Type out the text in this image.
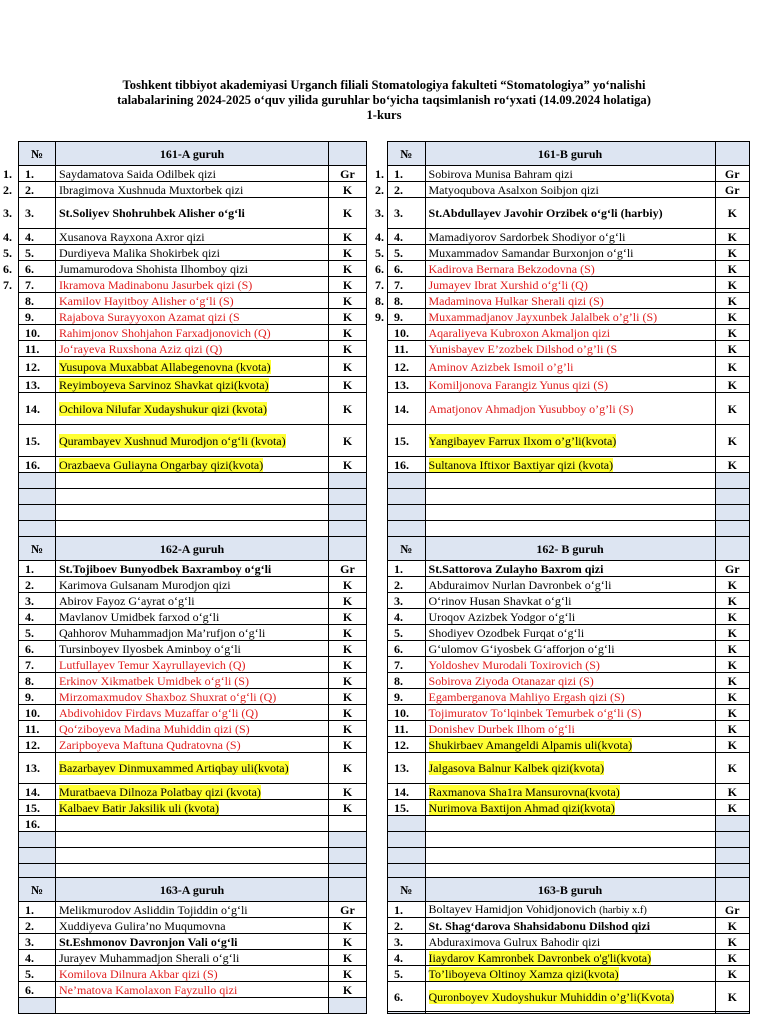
Toshkent tibbiyot akademiyasi Urganch filiali Stomatologiya fakulteti “Stomatologiya” yoʻnalishi
talabalarining 2024-2025 oʻquv yilida guruhlar boʻyicha taqsimlanish roʻyxati (14.09.2024 holatiga)
1-kurs
1.
2.
3.
4.
5.
6.
7.
1.
2.
3.
4.
5.
6.
7.
8.
9.
№	161-A guruh	
1.	Saydamatova Saida Odilbek qizi	Gr
2.	Ibragimova Xushnuda Muxtorbek qizi	K
3.	St.Soliyev Shohruhbek Alisher o‘g‘li	K
4.	Xusanova Rayxona Axror qizi	K
5.	Durdiyeva Malika Shokirbek qizi	K
6.	Jumamurodova Shohista Ilhomboy qizi	K
7.	Ikramova Madinabonu Jasurbek qizi (S)	K
8.	Kamilov Hayitboy Alisher o‘g‘li (S)	K
9.	Rajabova Surayyoxon Azamat qizi (S	K
10.	Rahimjonov Shohjahon Farxadjonovich (Q)	K
11.	Jo‘rayeva Ruxshona Aziz qizi (Q)	K
12.	Yusupova Muxabbat Allabegenovna (kvota)	K
13.	Reyimboyeva Sarvinoz Shavkat qizi(kvota)	K
14.	Ochilova Nilufar Xudayshukur qizi (kvota)	K
15.	Qurambayev Xushnud Murodjon o‘g‘li (kvota)	K
16.	Orazbaeva Guliayna Ongarbay qizi(kvota)	K

№	162-A guruh	
1.	St.Tojiboev Bunyodbek Baxramboy o‘g‘li	Gr
2.	Karimova Gulsanam Murodjon qizi	K
3.	Abirov Fayoz G‘ayrat o‘g‘li	K
4.	Mavlanov Umidbek farxod o‘g‘li	K
5.	Qahhorov Muhammadjon Ma’rufjon o‘g‘li	K
6.	Tursinboyev Ilyosbek Aminboy o‘g‘li	K
7.	Lutfullayev Temur Xayrullayevich (Q)	K
8.	Erkinov Xikmatbek Umidbek o‘g‘li (S)	K
9.	Mirzomaxmudov Shaxboz Shuxrat o‘g‘li (Q)	K
10.	Abdivohidov Firdavs Muzaffar o‘g‘li (Q)	K
11.	Qo‘ziboyeva Madina Muhiddin qizi (S)	K
12.	Zaripboyeva Maftuna Qudratovna (S)	K
13.	Bazarbayev Dinmuxammed Artiqbay uli(kvota)	K
14.	Muratbaeva Dilnoza Polatbay qizi (kvota)	K
15.	Kalbaev Batir Jaksilik uli (kvota)	K
16.		

№	163-A guruh	
1.	Melikmurodov Asliddin Tojiddin o‘g‘li	Gr
2.	Xuddiyeva Gulira’no Muqumovna	K
3.	St.Eshmonov Davronjon Vali o‘g‘li	K
4.	Jurayev Muhammadjon Sherali o‘g‘li	K
5.	Komilova Dilnura Akbar qizi (S)	K
6.	Ne’matova Kamolaxon Fayzullo qizi	K

№	161-B guruh	
1.	Sobirova Munisa Bahram qizi	Gr
2.	Matyoqubova Asalxon Soibjon qizi	Gr
3.	St.Abdullayev Javohir Orzibek o‘g‘li (harbiy)	K
4.	Mamadiyorov Sardorbek Shodiyor o‘g‘li	K
5.	Muxammadov Samandar Burxonjon o‘g‘li	K
6.	Kadirova Bernara Bekzodovna (S)	K
7.	Jumayev Ibrat Xurshid o‘g‘li (Q)	K
8.	Madaminova Hulkar Sherali qizi (S)	K
9.	Muxammadjanov Jayxunbek Jalalbek o’g’li (S)	K
10.	Aqaraliyeva Kubroxon Akmaljon qizi	K
11.	Yunisbayev E’zozbek Dilshod o’g’li (S	K
12.	Aminov Azizbek Ismoil o’g’li	K
13.	Komiljonova Farangiz Yunus qizi (S)	K
14.	Amatjonov Ahmadjon Yusubboy o’g’li (S)	K
15.	Yangibayev Farrux Ilxom o’g’li(kvota)	K
16.	Sultanova Iftixor Baxtiyar qizi (kvota)	K

№	162- B guruh	
1.	St.Sattorova Zulayho Baxrom qizi	Gr
2.	Abduraimov Nurlan Davronbek o‘g‘li	K
3.	O‘rinov Husan Shavkat o‘g‘li	K
4.	Uroqov Azizbek Yodgor o‘g‘li	K
5.	Shodiyev Ozodbek Furqat o‘g‘li	K
6.	G‘ulomov G‘iyosbek G‘afforjon o‘g‘li	K
7.	Yoldoshev Murodali Toxirovich (S)	K
8.	Sobirova Ziyoda Otanazar qizi (S)	K
9.	Egamberganova Mahliyo Ergash qizi (S)	K
10.	Tojimuratov To‘lqinbek Temurbek o‘g‘li (S)	K
11.	Donishev Durbek Ilhom o‘g‘li	K
12.	Shukirbaev Amangeldi Alpamis uli(kvota)	K
13.	Jalgasova Balnur Kalbek qizi(kvota)	K
14.	Raxmanova Sha1ra Mansurovna(kvota)	K
15.	Nurimova Baxtijon Ahmad qizi(kvota)	K

№	163-B guruh	
1.	Boltayev Hamidjon Vohidjonovich (harbiy x.f)	Gr
2.	St. Shag‘darova Shahsidabonu Dilshod qizi	K
3.	Abduraximova Gulrux Bahodir qizi	K
4.	Iiaydarov Kamronbek Davronbek o'g'li(kvota)	K
5.	To’liboyeva Oltinoy Xamza qizi(kvota)	K
6.	Quronboyev Xudoyshukur Muhiddin o’g’li(Kvota)	K
